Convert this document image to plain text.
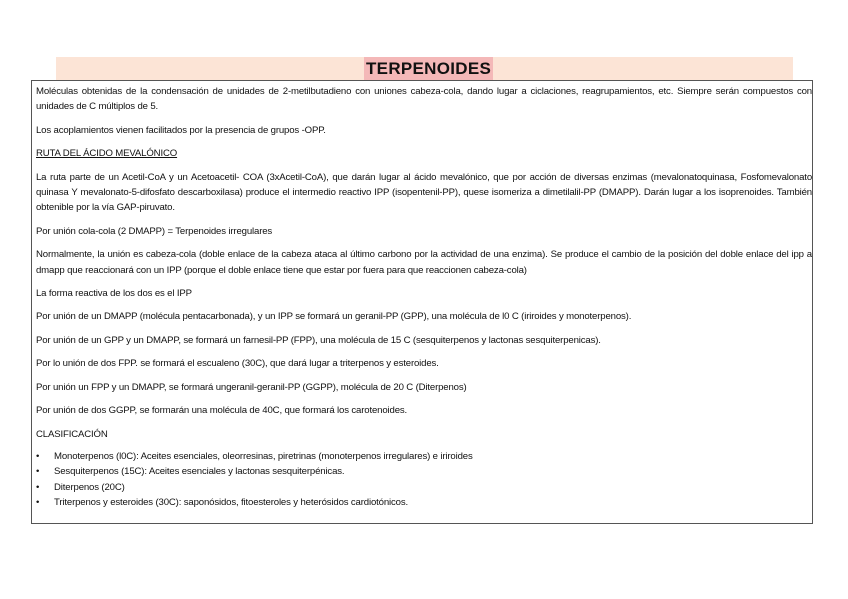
TERPENOIDES

Moléculas obtenidas de la condensación de unidades de 2-metilbutadieno con uniones cabeza-cola, dando lugar a ciclaciones, reagrupamientos, etc. Siempre serán compuestos con unidades de C múltiplos de 5.

Los acoplamientos vienen facilitados por la presencia de grupos -OPP.

RUTA DEL ÁCIDO MEVALÓNICO

La ruta parte de un Acetil-CoA y un Acetoacetil- COA (3xAcetil-CoA), que darán lugar al ácido mevalónico, que por acción de diversas enzimas (mevalonatoquinasa, Fosfomevalonato quinasa Y mevalonato-5-difosfato descarboxilasa) produce el intermedio reactivo IPP (isopentenil-PP), quese isomeriza a dimetilalil-PP (DMAPP). Darán lugar a los isoprenoides. También obtenible por la vía GAP-piruvato.

Por unión cola-cola (2 DMAPP) = Terpenoides irregulares

Normalmente, la unión es cabeza-cola (doble enlace de la cabeza ataca al último carbono por la actividad de una enzima). Se produce el cambio de la posición del doble enlace del ipp a dmapp que reaccionará con un IPP (porque el doble enlace tiene que estar por fuera para que reaccionen cabeza-cola)

La forma reactiva de los dos es el IPP

Por unión de un DMAPP (molécula pentacarbonada), y un IPP se formará un geranil-PP (GPP), una molécula de l0 C (iriroides y monoterpenos).

Por unión de un GPP y un DMAPP, se formará un farnesil-PP (FPP), una molécula de 15 C (sesquiterpenos y lactonas sesquiterpenicas).

Por lo unión de dos FPP. se formará el escualeno (30C), que dará lugar a triterpenos y esteroides.

Por unión un FPP y un DMAPP, se formará ungeranil-geranil-PP (GGPP), molécula de 20 C (Diterpenos)

Por unión de dos GGPP, se formarán una molécula de 40C, que formará los carotenoides.

CLASIFICACIÓN

• Monoterpenos (l0C): Aceites esenciales, oleorresinas, piretrinas (monoterpenos irregulares) e iriroides
• Sesquiterpenos (15C): Aceites esenciales y lactonas sesquiterpénicas.
• Diterpenos (20C)
• Triterpenos y esteroides (30C): saponósidos, fitoesteroles y heterósidos cardiotónicos.
